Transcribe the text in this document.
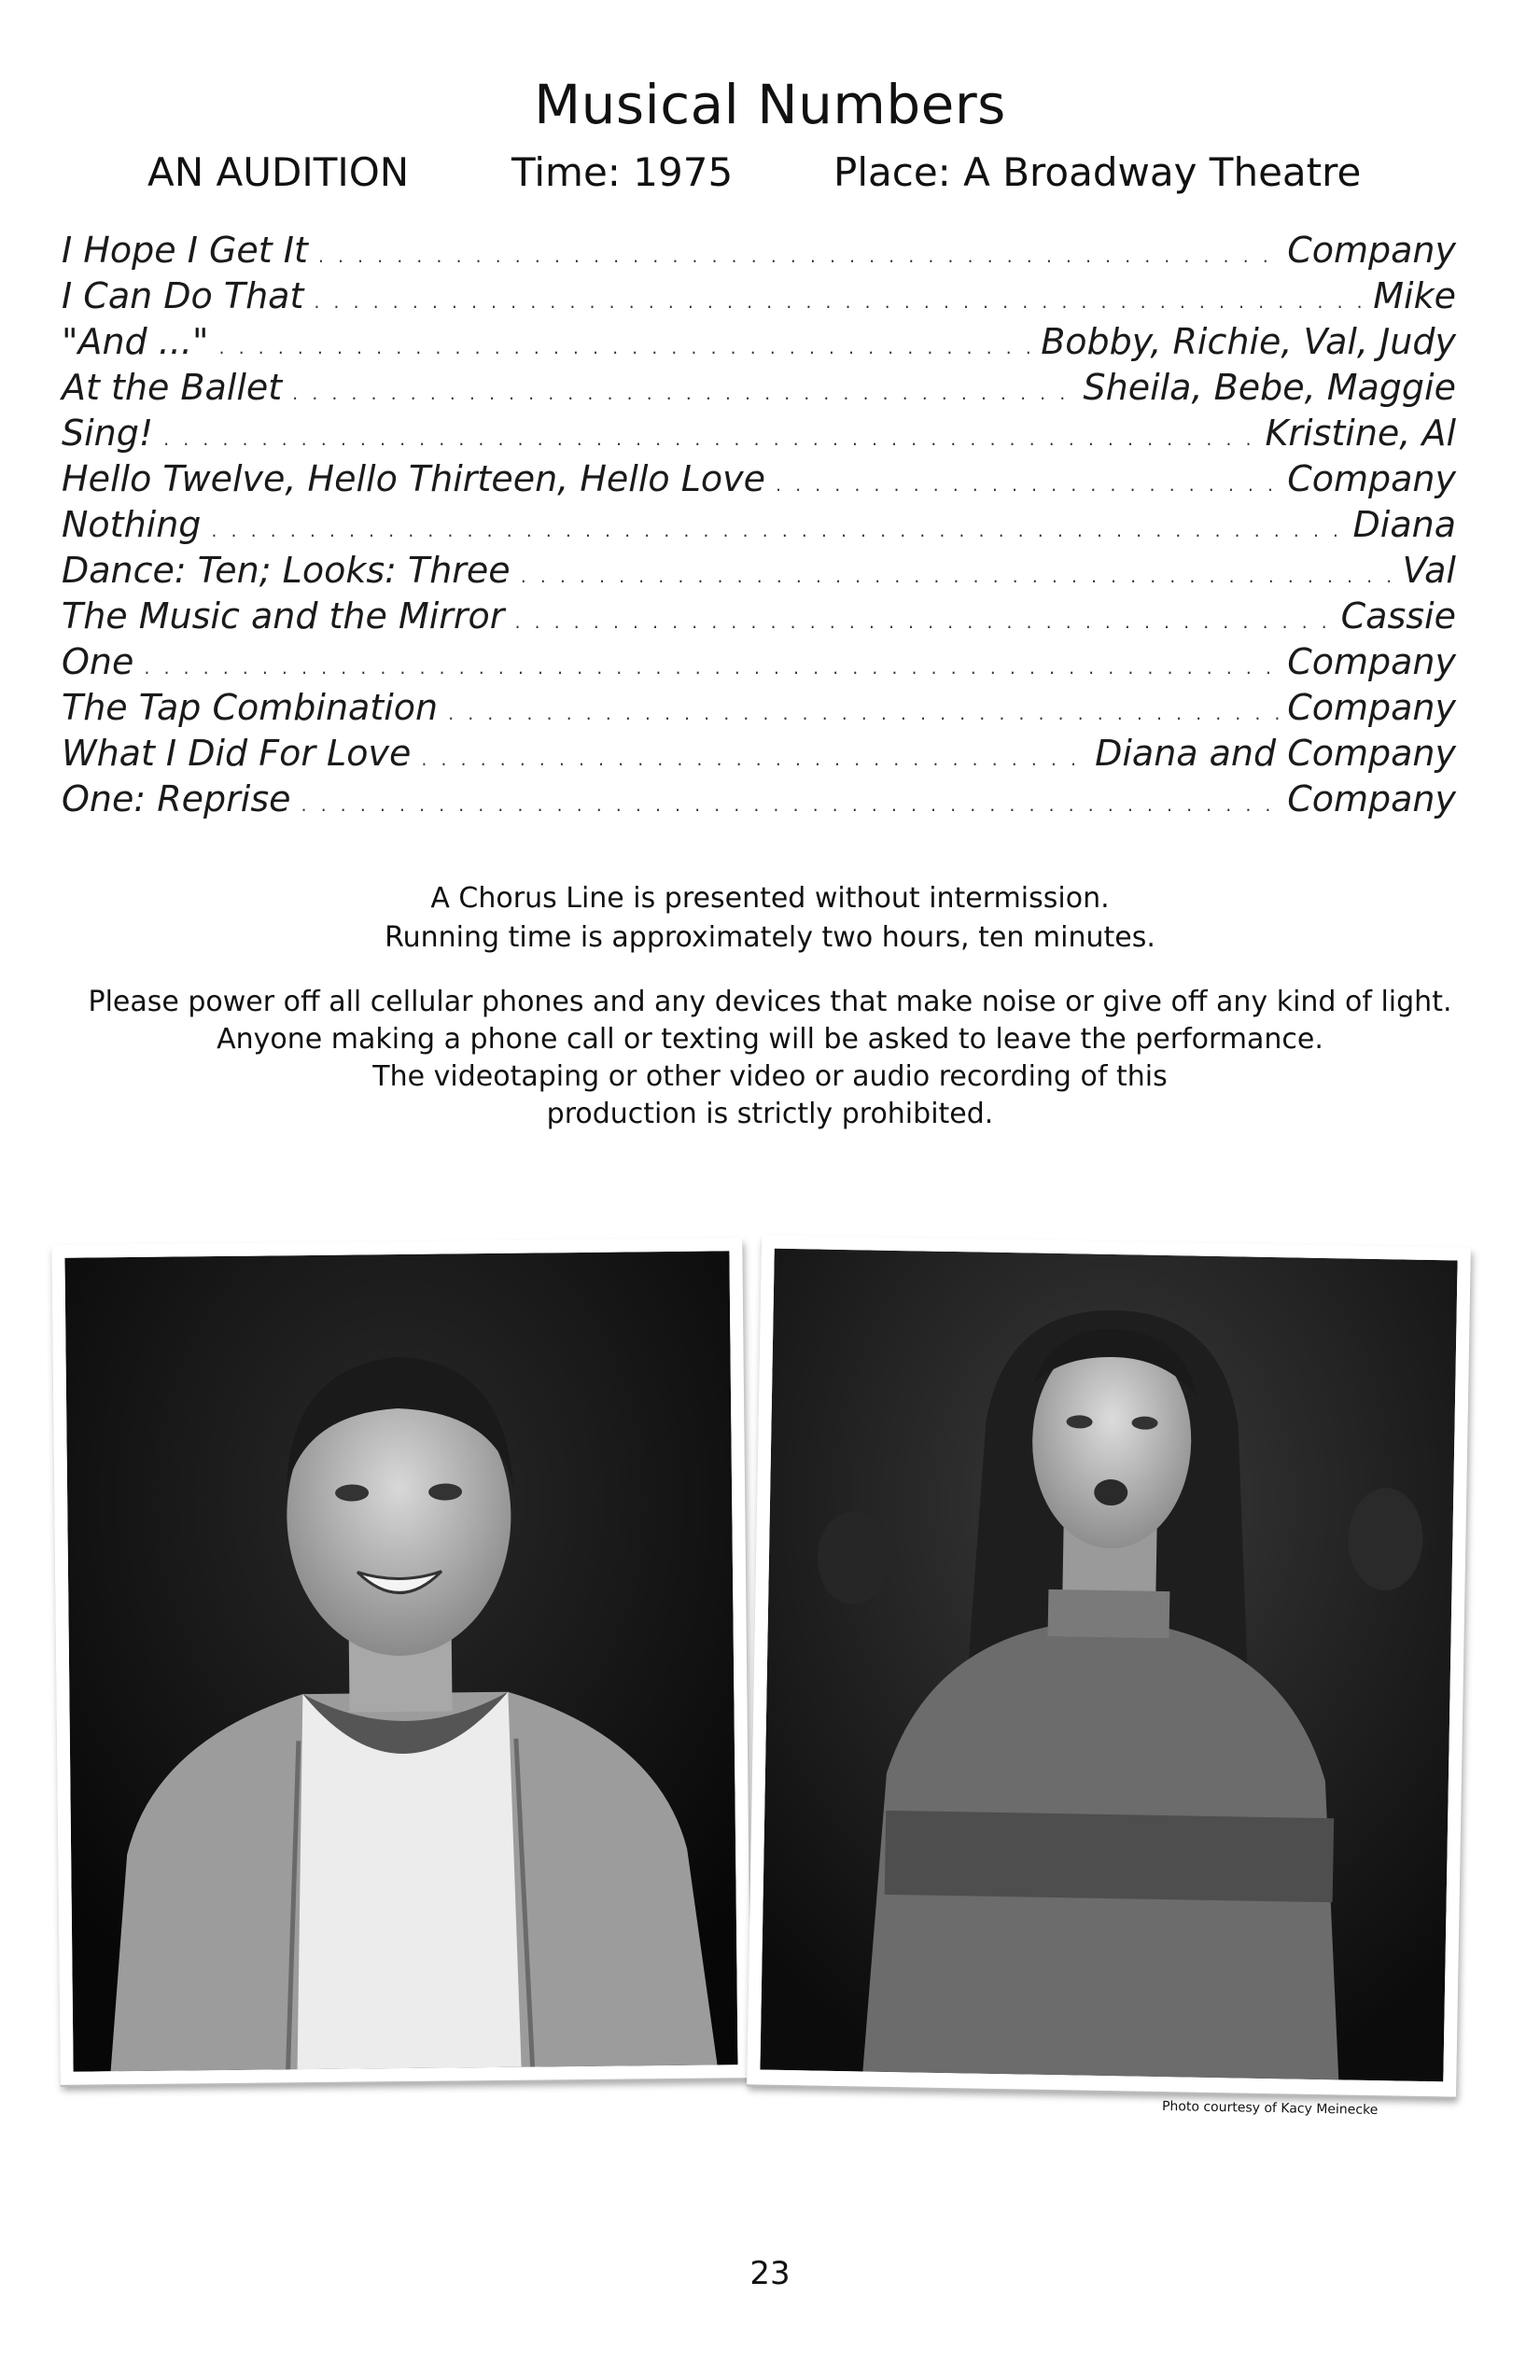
Musical Numbers
AN AUDITION	Time: 1975	Place: A Broadway Theatre
I Hope I Get It .....	Company
I Can Do That .....	Mike
"And ..." .....	Bobby, Richie, Val, Judy
At the Ballet .....	Sheila, Bebe, Maggie
Sing! .....	Kristine, Al
Hello Twelve, Hello Thirteen, Hello Love .....	Company
Nothing .....	Diana
Dance: Ten; Looks: Three .....	Val
The Music and the Mirror .....	Cassie
One .....	Company
The Tap Combination .....	Company
What I Did For Love .....	Diana and Company
One: Reprise .....	Company
A Chorus Line is presented without intermission.
Running time is approximately two hours, ten minutes.
Please power off all cellular phones and any devices that make noise or give off any kind of light.
Anyone making a phone call or texting will be asked to leave the performance.
The videotaping or other video or audio recording of this
production is strictly prohibited.
Photo courtesy of Kacy Meinecke
23
